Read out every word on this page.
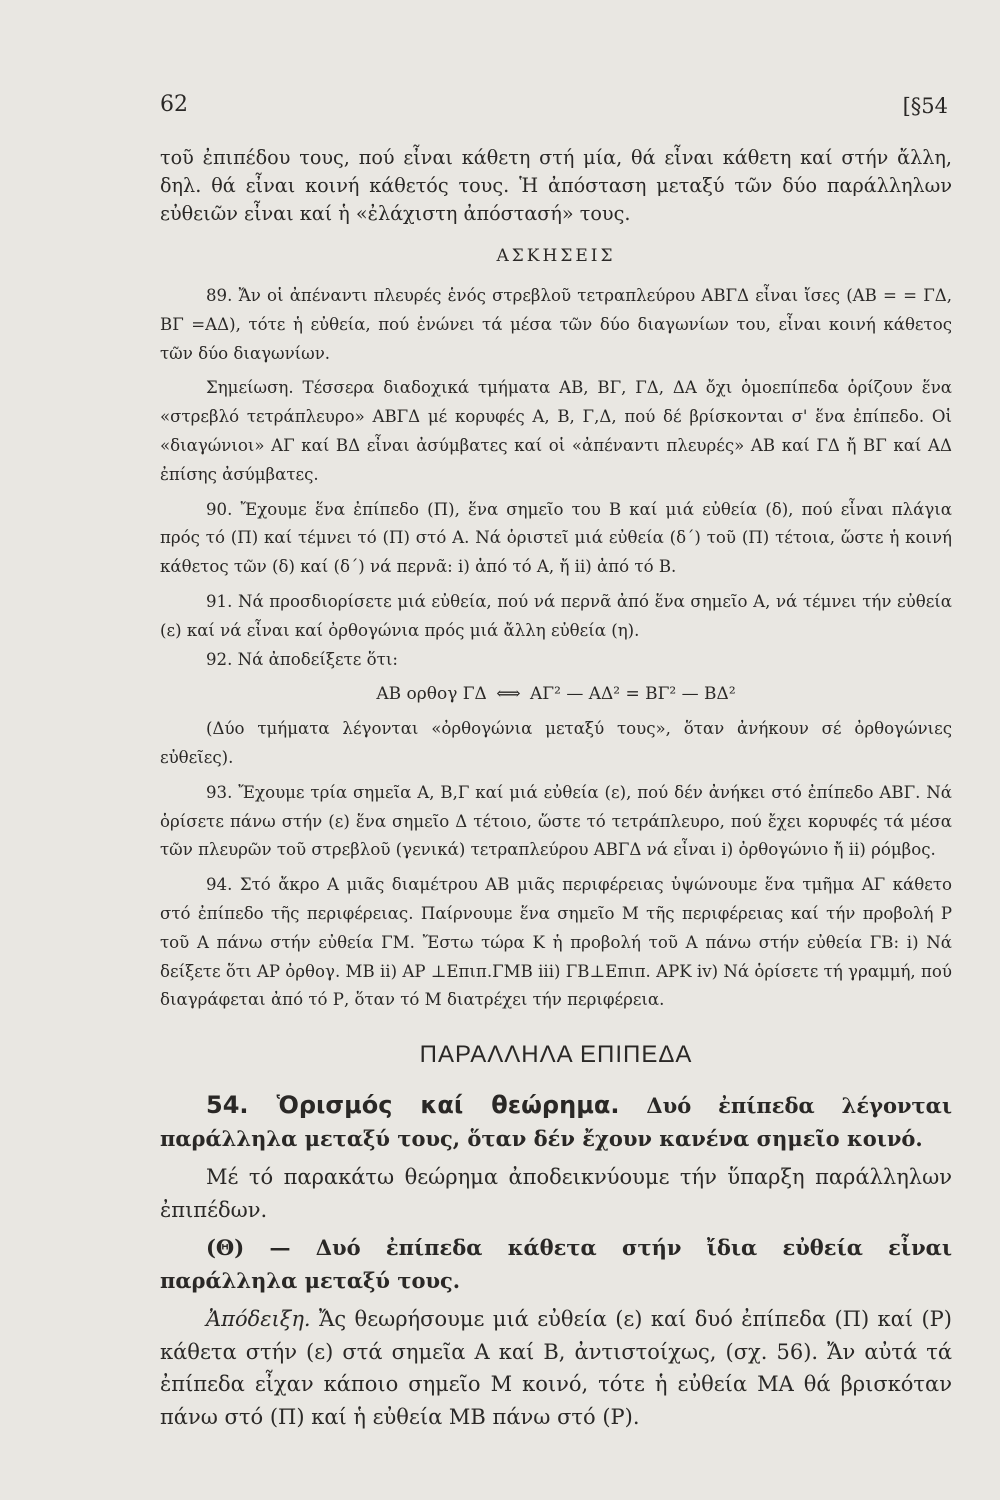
62	[§54

τοῦ ἐπιπέδου τους, πού εἶναι κάθετη στή μία, θά εἶναι κάθετη καί στήν ἄλλη, δηλ. θά εἶναι κοινή κάθετός τους. Ἡ ἀπόσταση μεταξύ τῶν δύο παράλληλων εὐθειῶν εἶναι καί ἡ «ἐλάχιστη ἀπόστασή» τους.

ΑΣΚΗΣΕΙΣ

89. Ἄν οἱ ἀπέναντι πλευρές ἑνός στρεβλοῦ τετραπλεύρου ΑΒΓΔ εἶναι ἴσες (ΑΒ = = ΓΔ, ΒΓ =ΑΔ), τότε ἡ εὐθεία, πού ἑνώνει τά μέσα τῶν δύο διαγωνίων του, εἶναι κοινή κάθετος τῶν δύο διαγωνίων.

Σημείωση. Τέσσερα διαδοχικά τμήματα ΑΒ, ΒΓ, ΓΔ, ΔΑ ὄχι ὁμοεπίπεδα ὁρίζουν ἕνα «στρεβλό τετράπλευρο» ΑΒΓΔ μέ κορυφές Α, Β, Γ,Δ, πού δέ βρίσκονται σ' ἕνα ἐπίπεδο. Οἱ «διαγώνιοι» ΑΓ καί ΒΔ εἶναι ἀσύμβατες καί οἱ «ἀπέναντι πλευρές» ΑΒ καί ΓΔ ἤ ΒΓ καί ΑΔ ἐπίσης ἀσύμβατες.

90. Ἔχουμε ἕνα ἐπίπεδο (Π), ἕνα σημεῖο του Β καί μιά εὐθεία (δ), πού εἶναι πλάγια πρός τό (Π) καί τέμνει τό (Π) στό Α. Νά ὁριστεῖ μιά εὐθεία (δ΄) τοῦ (Π) τέτοια, ὥστε ἡ κοινή κάθετος τῶν (δ) καί (δ΄) νά περνᾶ: i) ἀπό τό Α, ἤ ii) ἀπό τό Β.

91. Νά προσδιορίσετε μιά εὐθεία, πού νά περνᾶ ἀπό ἕνα σημεῖο Α, νά τέμνει τήν εὐθεία (ε) καί νά εἶναι καί ὀρθογώνια πρός μιά ἄλλη εὐθεία (η).

92. Νά ἀποδείξετε ὅτι:

ΑΒ ορθογ ΓΔ ⟺ ΑΓ² — ΑΔ² = ΒΓ² — ΒΔ²

(Δύο τμήματα λέγονται «ὀρθογώνια μεταξύ τους», ὅταν ἀνήκουν σέ ὀρθογώνιες εὐθεῖες).

93. Ἔχουμε τρία σημεῖα Α, Β,Γ καί μιά εὐθεία (ε), πού δέν ἀνήκει στό ἐπίπεδο ΑΒΓ. Νά ὁρίσετε πάνω στήν (ε) ἕνα σημεῖο Δ τέτοιο, ὥστε τό τετράπλευρο, πού ἔχει κορυφές τά μέσα τῶν πλευρῶν τοῦ στρεβλοῦ (γενικά) τετραπλεύρου ΑΒΓΔ νά εἶναι i) ὀρθογώνιο ἤ ii) ρόμβος.

94. Στό ἄκρο Α μιᾶς διαμέτρου ΑΒ μιᾶς περιφέρειας ὑψώνουμε ἕνα τμῆμα ΑΓ κάθετο στό ἐπίπεδο τῆς περιφέρειας. Παίρνουμε ἕνα σημεῖο Μ τῆς περιφέρειας καί τήν προβολή Ρ τοῦ Α πάνω στήν εὐθεία ΓΜ. Ἔστω τώρα Κ ἡ προβολή τοῦ Α πάνω στήν εὐθεία ΓΒ: i) Νά δείξετε ὅτι ΑΡ ὀρθογ. ΜΒ ii) ΑΡ ⊥Επιπ.ΓΜΒ iii) ΓΒ⊥Επιπ. ΑΡΚ iv) Νά ὁρίσετε τή γραμμή, πού διαγράφεται ἀπό τό Ρ, ὅταν τό Μ διατρέχει τήν περιφέρεια.

ΠΑΡΑΛΛΗΛΑ ΕΠΙΠΕΔΑ

54. Ὁρισμός καί θεώρημα. Δυό ἐπίπεδα λέγονται παράλληλα μεταξύ τους, ὅταν δέν ἔχουν κανένα σημεῖο κοινό.

Μέ τό παρακάτω θεώρημα ἀποδεικνύουμε τήν ὕπαρξη παράλληλων ἐπιπέδων.

(Θ) — Δυό ἐπίπεδα κάθετα στήν ἴδια εὐθεία εἶναι παράλληλα μεταξύ τους.

Ἀπόδειξη. Ἄς θεωρήσουμε μιά εὐθεία (ε) καί δυό ἐπίπεδα (Π) καί (Ρ) κάθετα στήν (ε) στά σημεῖα Α καί Β, ἀντιστοίχως, (σχ. 56). Ἄν αὐτά τά ἐπίπεδα εἶχαν κάποιο σημεῖο Μ κοινό, τότε ἡ εὐθεία ΜΑ θά βρισκόταν πάνω στό (Π) καί ἡ εὐθεία ΜΒ πάνω στό (Ρ).
